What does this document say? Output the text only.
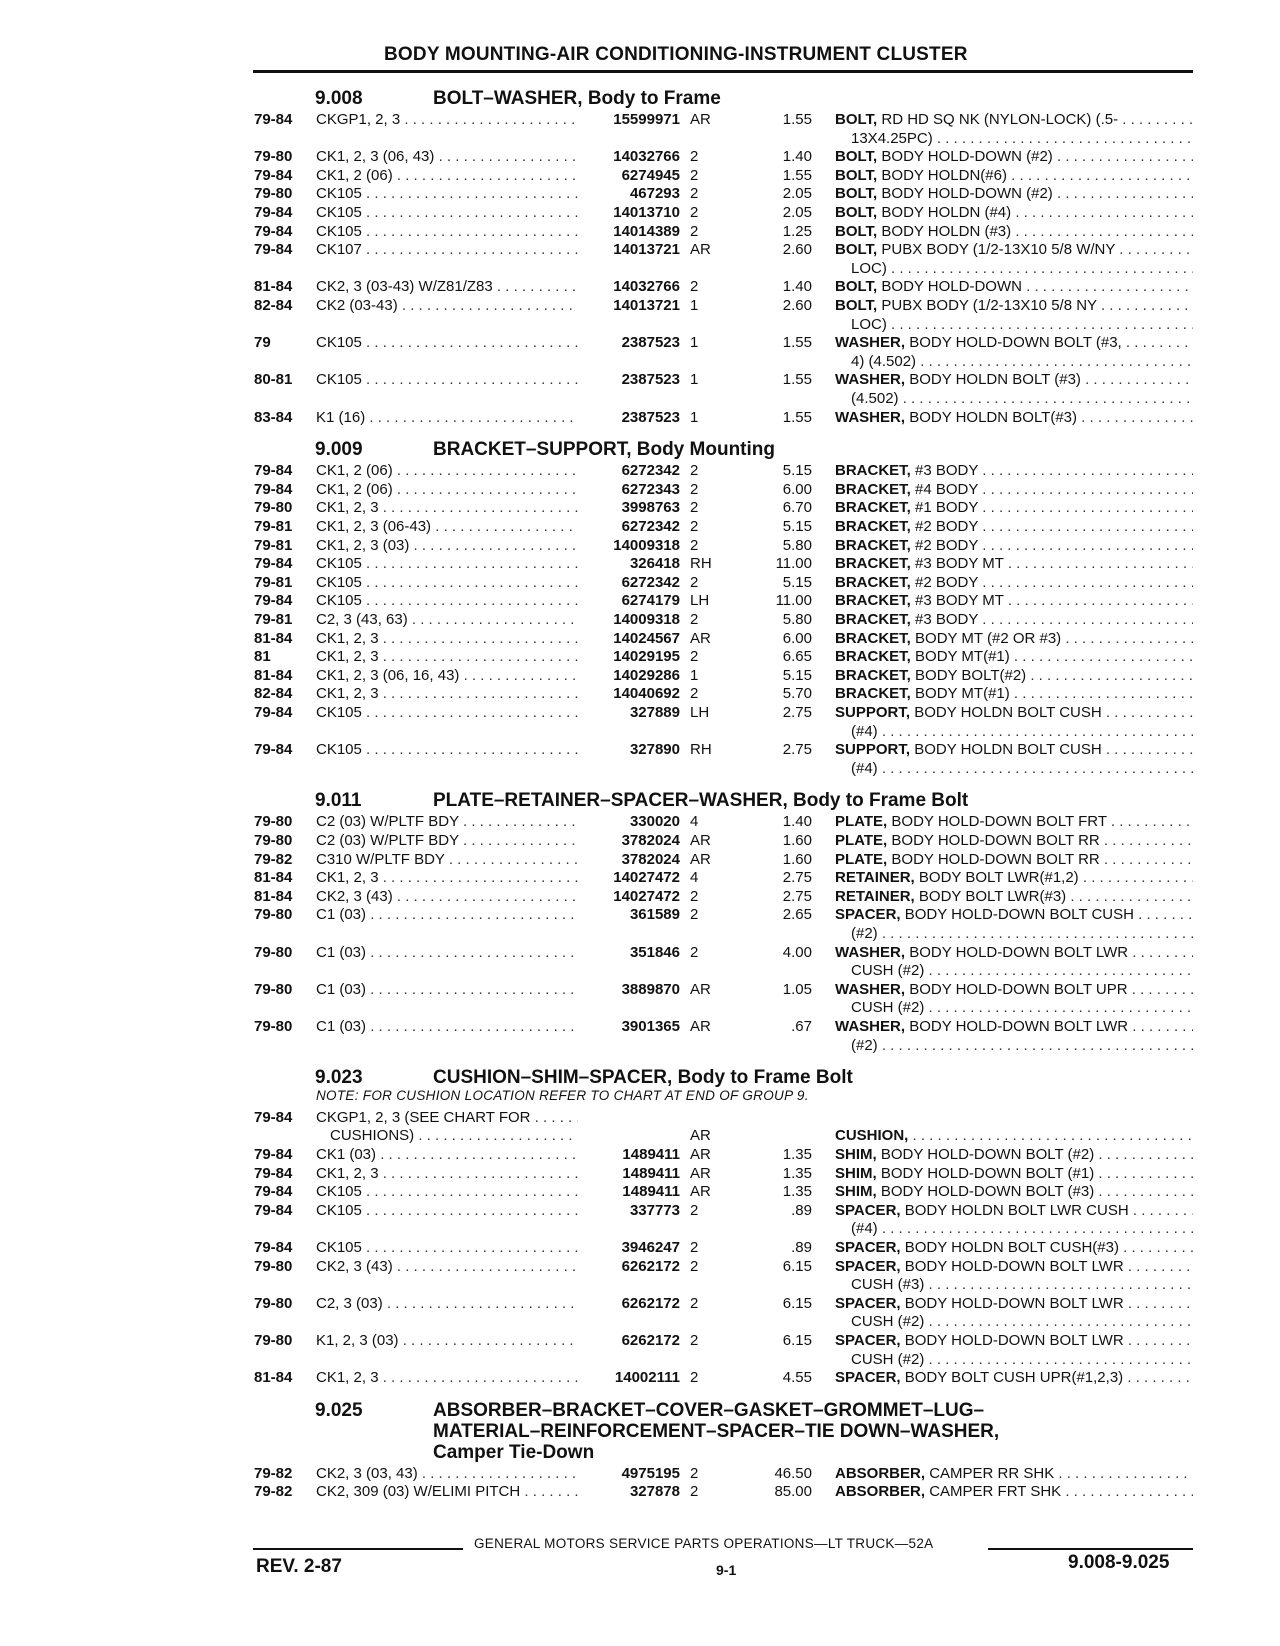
BODY MOUNTING-AIR CONDITIONING-INSTRUMENT CLUSTER
9.008	BOLT–WASHER, Body to Frame
79-84 CKGP1, 2, 3 . . .	15599971 AR	1.55 BOLT, RD HD SQ NK (NYLON-LOCK) (.5- . . .
13X4.25PC) . . .
79-80 CK1, 2, 3 (06, 43) . . .	14032766 2	1.40 BOLT, BODY HOLD-DOWN (#2) . . .
79-84 CK1, 2 (06) . . .	6274945 2	1.55 BOLT, BODY HOLDN(#6) . . .
79-80 CK105 . . .	467293 2	2.05 BOLT, BODY HOLD-DOWN (#2) . . .
79-84 CK105 . . .	14013710 2	2.05 BOLT, BODY HOLDN (#4) . . .
79-84 CK105 . . .	14014389 2	1.25 BOLT, BODY HOLDN (#3) . . .
79-84 CK107 . . .	14013721 AR	2.60 BOLT, PUBX BODY (1/2-13X10 5/8 W/NY . . .
LOC) . . .
81-84 CK2, 3 (03-43) W/Z81/Z83 . . .	14032766 2	1.40 BOLT, BODY HOLD-DOWN . . .
82-84 CK2 (03-43) . . .	14013721 1	2.60 BOLT, PUBX BODY (1/2-13X10 5/8 NY . . .
LOC) . . .
79	CK105 . . .	2387523 1	1.55 WASHER, BODY HOLD-DOWN BOLT (#3, . . .
4) (4.502) . . .
80-81 CK105 . . .	2387523 1	1.55 WASHER, BODY HOLDN BOLT (#3) . . .
(4.502) . . .
83-84 K1 (16) . . .	2387523 1	1.55 WASHER, BODY HOLDN BOLT(#3) . . .
9.009	BRACKET–SUPPORT, Body Mounting
79-84 CK1, 2 (06) . . .	6272342 2	5.15 BRACKET, #3 BODY . . .
79-84 CK1, 2 (06) . . .	6272343 2	6.00 BRACKET, #4 BODY . . .
79-80 CK1, 2, 3 . . .	3998763 2	6.70 BRACKET, #1 BODY . . .
79-81 CK1, 2, 3 (06-43) . . .	6272342 2	5.15 BRACKET, #2 BODY . . .
79-81 CK1, 2, 3 (03) . . .	14009318 2	5.80 BRACKET, #2 BODY . . .
79-84 CK105 . . .	326418 RH	11.00 BRACKET, #3 BODY MT . . .
79-81 CK105 . . .	6272342 2	5.15 BRACKET, #2 BODY . . .
79-84 CK105 . . .	6274179 LH	11.00 BRACKET, #3 BODY MT . . .
79-81 C2, 3 (43, 63) . . .	14009318 2	5.80 BRACKET, #3 BODY . . .
81-84 CK1, 2, 3 . . .	14024567 AR	6.00 BRACKET, BODY MT (#2 OR #3) . . .
81	CK1, 2, 3 . . .	14029195 2	6.65 BRACKET, BODY MT(#1) . . .
81-84 CK1, 2, 3 (06, 16, 43) . . .	14029286 1	5.15 BRACKET, BODY BOLT(#2) . . .
82-84 CK1, 2, 3 . . .	14040692 2	5.70 BRACKET, BODY MT(#1) . . .
79-84 CK105 . . .	327889 LH	2.75 SUPPORT, BODY HOLDN BOLT CUSH . . .
(#4) . . .
79-84 CK105 . . .	327890 RH	2.75 SUPPORT, BODY HOLDN BOLT CUSH . . .
(#4) . . .
9.011	PLATE–RETAINER–SPACER–WASHER, Body to Frame Bolt
79-80 C2 (03) W/PLTF BDY . . .	330020 4	1.40 PLATE, BODY HOLD-DOWN BOLT FRT . . .
79-80 C2 (03) W/PLTF BDY . . .	3782024 AR	1.60 PLATE, BODY HOLD-DOWN BOLT RR . . .
79-82 C310 W/PLTF BDY . . .	3782024 AR	1.60 PLATE, BODY HOLD-DOWN BOLT RR . . .
81-84 CK1, 2, 3 . . .	14027472 4	2.75 RETAINER, BODY BOLT LWR(#1,2) . . .
81-84 CK2, 3 (43) . . .	14027472 2	2.75 RETAINER, BODY BOLT LWR(#3) . . .
79-80 C1 (03) . . .	361589 2	2.65 SPACER, BODY HOLD-DOWN BOLT CUSH . . .
(#2) . . .
79-80 C1 (03) . . .	351846 2	4.00 WASHER, BODY HOLD-DOWN BOLT LWR . . .
CUSH (#2) . . .
79-80 C1 (03) . . .	3889870 AR	1.05 WASHER, BODY HOLD-DOWN BOLT UPR . . .
CUSH (#2) . . .
79-80 C1 (03) . . .	3901365 AR	.67 WASHER, BODY HOLD-DOWN BOLT LWR . . .
(#2) . . .
9.023	CUSHION–SHIM–SPACER, Body to Frame Bolt
NOTE: FOR CUSHION LOCATION REFER TO CHART AT END OF GROUP 9.
79-84 CKGP1, 2, 3 (SEE CHART FOR . . .
AR	CUSHION, . . .
CUSHIONS) . . .
79-84 CK1 (03) . . .	1489411 AR	1.35 SHIM, BODY HOLD-DOWN BOLT (#2) . . .
79-84 CK1, 2, 3 . . .	1489411 AR	1.35 SHIM, BODY HOLD-DOWN BOLT (#1) . . .
79-84 CK105 . . .	1489411 AR	1.35 SHIM, BODY HOLD-DOWN BOLT (#3) . . .
79-84 CK105 . . .	337773 2	.89 SPACER, BODY HOLDN BOLT LWR CUSH . . .
(#4) . . .
79-84 CK105 . . .	3946247 2	.89 SPACER, BODY HOLDN BOLT CUSH(#3) . . .
79-80 CK2, 3 (43) . . .	6262172 2	6.15 SPACER, BODY HOLD-DOWN BOLT LWR . . .
CUSH (#3) . . .
79-80 C2, 3 (03) . . .	6262172 2	6.15 SPACER, BODY HOLD-DOWN BOLT LWR . . .
CUSH (#2) . . .
79-80 K1, 2, 3 (03) . . .	6262172 2	6.15 SPACER, BODY HOLD-DOWN BOLT LWR . . .
CUSH (#2) . . .
81-84 CK1, 2, 3 . . .	14002111 2	4.55 SPACER, BODY BOLT CUSH UPR(#1,2,3) . . .
9.025	ABSORBER–BRACKET–COVER–GASKET–GROMMET–LUG–
MATERIAL–REINFORCEMENT–SPACER–TIE DOWN–WASHER,
Camper Tie-Down
79-82 CK2, 3 (03, 43) . . .	4975195 2	46.50 ABSORBER, CAMPER RR SHK . . .
79-82 CK2, 309 (03) W/ELIMI PITCH . . .	327878 2	85.00 ABSORBER, CAMPER FRT SHK . . .
GENERAL MOTORS SERVICE PARTS OPERATIONS—LT TRUCK—52A
REV. 2-87	9-1	9.008-9.025
